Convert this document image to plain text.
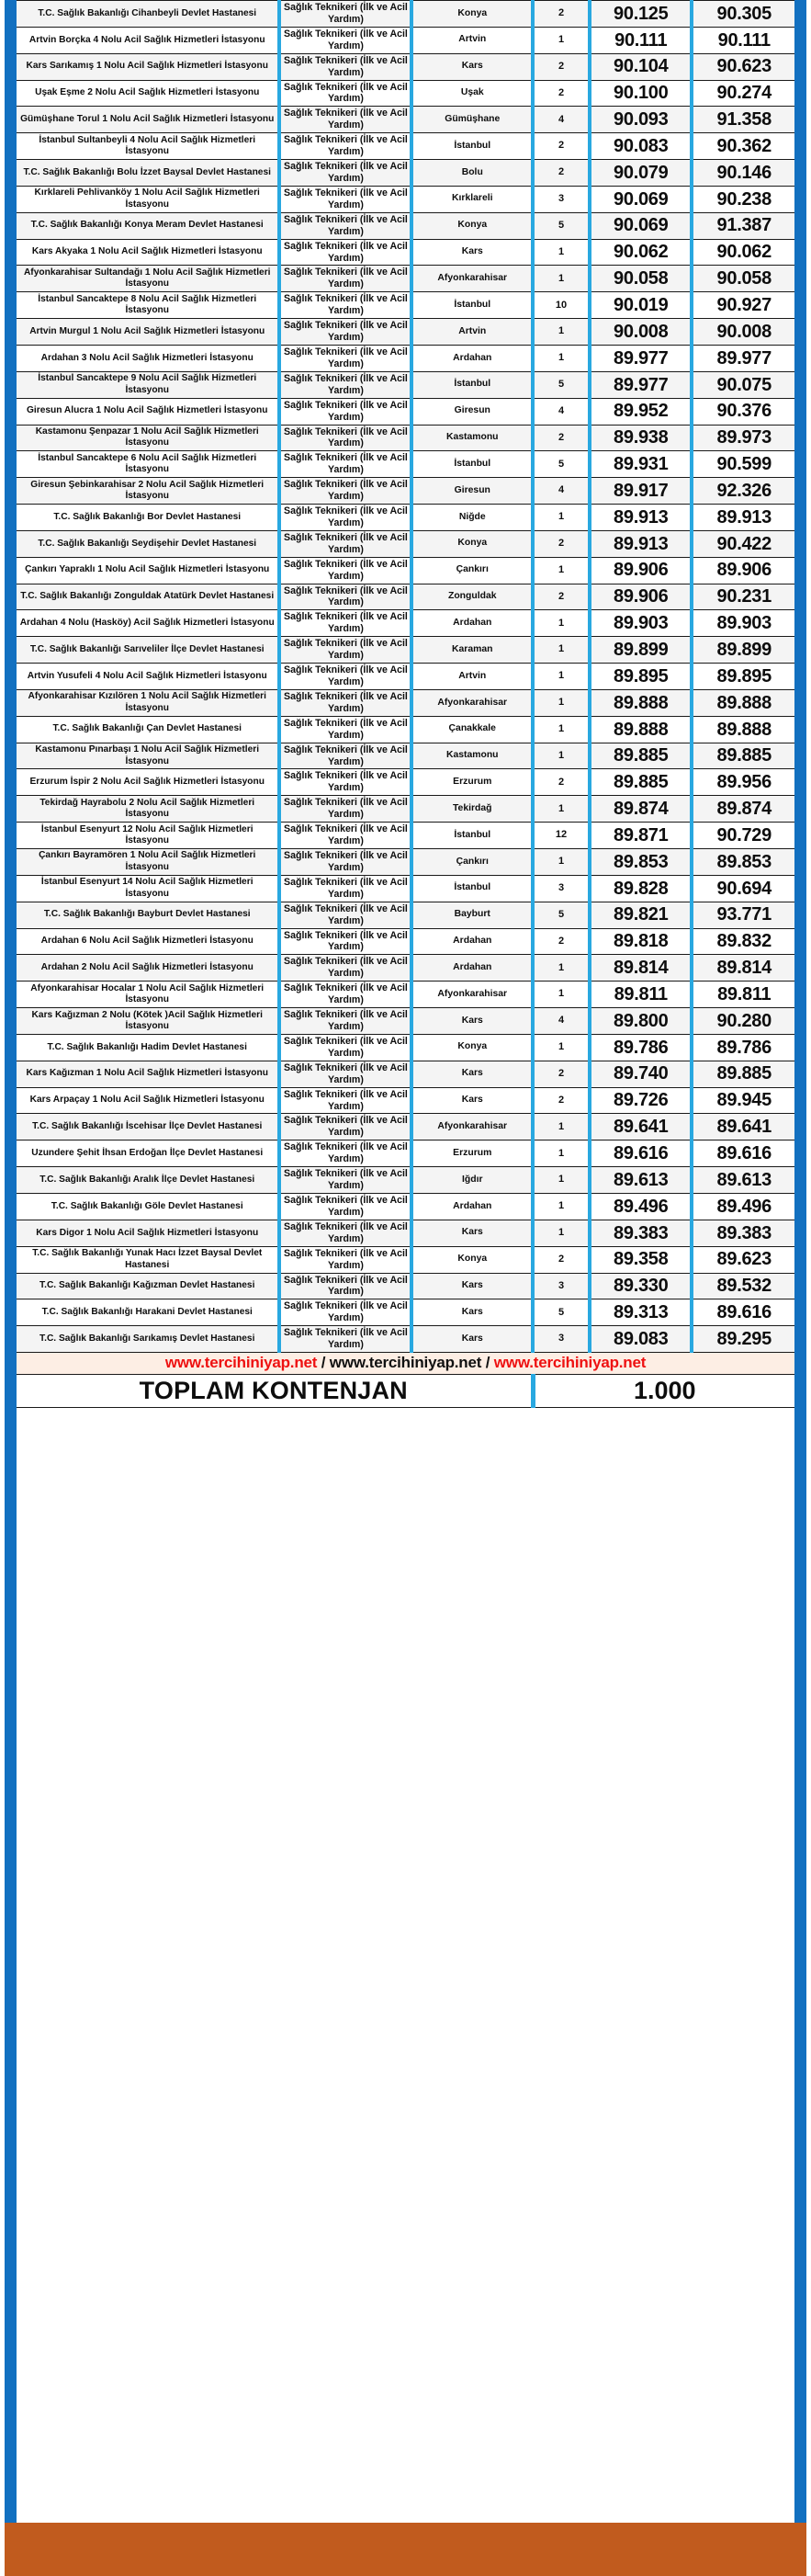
T.C. Sağlık Bakanlığı Cihanbeyli Devlet Hastanesi	Sağlık Teknikeri (İlk ve Acil Yardım)	Konya	2	90.125	90.305
Artvin Borçka 4 Nolu Acil Sağlık Hizmetleri İstasyonu	Sağlık Teknikeri (İlk ve Acil Yardım)	Artvin	1	90.111	90.111
Kars Sarıkamış 1 Nolu Acil Sağlık Hizmetleri İstasyonu	Sağlık Teknikeri (İlk ve Acil Yardım)	Kars	2	90.104	90.623
Uşak Eşme 2 Nolu Acil Sağlık Hizmetleri İstasyonu	Sağlık Teknikeri (İlk ve Acil Yardım)	Uşak	2	90.100	90.274
Gümüşhane Torul 1 Nolu Acil Sağlık Hizmetleri İstasyonu	Sağlık Teknikeri (İlk ve Acil Yardım)	Gümüşhane	4	90.093	91.358
İstanbul Sultanbeyli 4 Nolu Acil Sağlık Hizmetleri İstasyonu	Sağlık Teknikeri (İlk ve Acil Yardım)	İstanbul	2	90.083	90.362
T.C. Sağlık Bakanlığı Bolu İzzet Baysal Devlet Hastanesi	Sağlık Teknikeri (İlk ve Acil Yardım)	Bolu	2	90.079	90.146
Kırklareli Pehlivanköy 1 Nolu Acil Sağlık Hizmetleri İstasyonu	Sağlık Teknikeri (İlk ve Acil Yardım)	Kırklareli	3	90.069	90.238
T.C. Sağlık Bakanlığı Konya Meram Devlet Hastanesi	Sağlık Teknikeri (İlk ve Acil Yardım)	Konya	5	90.069	91.387
Kars Akyaka 1 Nolu Acil Sağlık Hizmetleri İstasyonu	Sağlık Teknikeri (İlk ve Acil Yardım)	Kars	1	90.062	90.062
Afyonkarahisar Sultandağı 1 Nolu Acil Sağlık Hizmetleri İstasyonu	Sağlık Teknikeri (İlk ve Acil Yardım)	Afyonkarahisar	1	90.058	90.058
İstanbul Sancaktepe 8 Nolu Acil Sağlık Hizmetleri İstasyonu	Sağlık Teknikeri (İlk ve Acil Yardım)	İstanbul	10	90.019	90.927
Artvin Murgul 1 Nolu Acil Sağlık Hizmetleri İstasyonu	Sağlık Teknikeri (İlk ve Acil Yardım)	Artvin	1	90.008	90.008
Ardahan 3 Nolu Acil Sağlık Hizmetleri İstasyonu	Sağlık Teknikeri (İlk ve Acil Yardım)	Ardahan	1	89.977	89.977
İstanbul Sancaktepe 9 Nolu Acil Sağlık Hizmetleri İstasyonu	Sağlık Teknikeri (İlk ve Acil Yardım)	İstanbul	5	89.977	90.075
Giresun Alucra 1 Nolu Acil Sağlık Hizmetleri İstasyonu	Sağlık Teknikeri (İlk ve Acil Yardım)	Giresun	4	89.952	90.376
Kastamonu Şenpazar 1 Nolu Acil Sağlık Hizmetleri İstasyonu	Sağlık Teknikeri (İlk ve Acil Yardım)	Kastamonu	2	89.938	89.973
İstanbul Sancaktepe 6 Nolu Acil Sağlık Hizmetleri İstasyonu	Sağlık Teknikeri (İlk ve Acil Yardım)	İstanbul	5	89.931	90.599
Giresun Şebinkarahisar 2 Nolu Acil Sağlık Hizmetleri İstasyonu	Sağlık Teknikeri (İlk ve Acil Yardım)	Giresun	4	89.917	92.326
T.C. Sağlık Bakanlığı Bor Devlet Hastanesi	Sağlık Teknikeri (İlk ve Acil Yardım)	Niğde	1	89.913	89.913
T.C. Sağlık Bakanlığı Seydişehir Devlet Hastanesi	Sağlık Teknikeri (İlk ve Acil Yardım)	Konya	2	89.913	90.422
Çankırı Yapraklı 1 Nolu Acil Sağlık Hizmetleri İstasyonu	Sağlık Teknikeri (İlk ve Acil Yardım)	Çankırı	1	89.906	89.906
T.C. Sağlık Bakanlığı Zonguldak Atatürk Devlet Hastanesi	Sağlık Teknikeri (İlk ve Acil Yardım)	Zonguldak	2	89.906	90.231
Ardahan 4 Nolu (Hasköy) Acil Sağlık Hizmetleri İstasyonu	Sağlık Teknikeri (İlk ve Acil Yardım)	Ardahan	1	89.903	89.903
T.C. Sağlık Bakanlığı Sarıveliler İlçe Devlet Hastanesi	Sağlık Teknikeri (İlk ve Acil Yardım)	Karaman	1	89.899	89.899
Artvin Yusufeli 4 Nolu Acil Sağlık Hizmetleri İstasyonu	Sağlık Teknikeri (İlk ve Acil Yardım)	Artvin	1	89.895	89.895
Afyonkarahisar Kızılören 1 Nolu Acil Sağlık Hizmetleri İstasyonu	Sağlık Teknikeri (İlk ve Acil Yardım)	Afyonkarahisar	1	89.888	89.888
T.C. Sağlık Bakanlığı Çan Devlet Hastanesi	Sağlık Teknikeri (İlk ve Acil Yardım)	Çanakkale	1	89.888	89.888
Kastamonu Pınarbaşı 1 Nolu Acil Sağlık Hizmetleri İstasyonu	Sağlık Teknikeri (İlk ve Acil Yardım)	Kastamonu	1	89.885	89.885
Erzurum İspir 2 Nolu Acil Sağlık Hizmetleri İstasyonu	Sağlık Teknikeri (İlk ve Acil Yardım)	Erzurum	2	89.885	89.956
Tekirdağ Hayrabolu 2 Nolu Acil Sağlık Hizmetleri İstasyonu	Sağlık Teknikeri (İlk ve Acil Yardım)	Tekirdağ	1	89.874	89.874
İstanbul Esenyurt 12 Nolu Acil Sağlık Hizmetleri İstasyonu	Sağlık Teknikeri (İlk ve Acil Yardım)	İstanbul	12	89.871	90.729
Çankırı Bayramören 1 Nolu Acil Sağlık Hizmetleri İstasyonu	Sağlık Teknikeri (İlk ve Acil Yardım)	Çankırı	1	89.853	89.853
İstanbul Esenyurt 14 Nolu Acil Sağlık Hizmetleri İstasyonu	Sağlık Teknikeri (İlk ve Acil Yardım)	İstanbul	3	89.828	90.694
T.C. Sağlık Bakanlığı Bayburt Devlet Hastanesi	Sağlık Teknikeri (İlk ve Acil Yardım)	Bayburt	5	89.821	93.771
Ardahan 6 Nolu Acil Sağlık Hizmetleri İstasyonu	Sağlık Teknikeri (İlk ve Acil Yardım)	Ardahan	2	89.818	89.832
Ardahan 2 Nolu Acil Sağlık Hizmetleri İstasyonu	Sağlık Teknikeri (İlk ve Acil Yardım)	Ardahan	1	89.814	89.814
Afyonkarahisar Hocalar 1 Nolu Acil Sağlık Hizmetleri İstasyonu	Sağlık Teknikeri (İlk ve Acil Yardım)	Afyonkarahisar	1	89.811	89.811
Kars Kağızman 2 Nolu (Kötek )Acil Sağlık Hizmetleri İstasyonu	Sağlık Teknikeri (İlk ve Acil Yardım)	Kars	4	89.800	90.280
T.C. Sağlık Bakanlığı Hadim Devlet Hastanesi	Sağlık Teknikeri (İlk ve Acil Yardım)	Konya	1	89.786	89.786
Kars Kağızman 1 Nolu Acil Sağlık Hizmetleri İstasyonu	Sağlık Teknikeri (İlk ve Acil Yardım)	Kars	2	89.740	89.885
Kars Arpaçay 1 Nolu Acil Sağlık Hizmetleri İstasyonu	Sağlık Teknikeri (İlk ve Acil Yardım)	Kars	2	89.726	89.945
T.C. Sağlık Bakanlığı İscehisar İlçe Devlet Hastanesi	Sağlık Teknikeri (İlk ve Acil Yardım)	Afyonkarahisar	1	89.641	89.641
Uzundere Şehit İhsan Erdoğan İlçe Devlet Hastanesi	Sağlık Teknikeri (İlk ve Acil Yardım)	Erzurum	1	89.616	89.616
T.C. Sağlık Bakanlığı Aralık İlçe Devlet Hastanesi	Sağlık Teknikeri (İlk ve Acil Yardım)	Iğdır	1	89.613	89.613
T.C. Sağlık Bakanlığı Göle Devlet Hastanesi	Sağlık Teknikeri (İlk ve Acil Yardım)	Ardahan	1	89.496	89.496
Kars Digor 1 Nolu Acil Sağlık Hizmetleri İstasyonu	Sağlık Teknikeri (İlk ve Acil Yardım)	Kars	1	89.383	89.383
T.C. Sağlık Bakanlığı Yunak Hacı İzzet Baysal Devlet Hastanesi	Sağlık Teknikeri (İlk ve Acil Yardım)	Konya	2	89.358	89.623
T.C. Sağlık Bakanlığı Kağızman Devlet Hastanesi	Sağlık Teknikeri (İlk ve Acil Yardım)	Kars	3	89.330	89.532
T.C. Sağlık Bakanlığı Harakani Devlet Hastanesi	Sağlık Teknikeri (İlk ve Acil Yardım)	Kars	5	89.313	89.616
T.C. Sağlık Bakanlığı Sarıkamış Devlet Hastanesi	Sağlık Teknikeri (İlk ve Acil Yardım)	Kars	3	89.083	89.295
www.tercihiniyap.net / www.tercihiniyap.net / www.tercihiniyap.net					
TOPLAM KONTENJAN			1.000		
